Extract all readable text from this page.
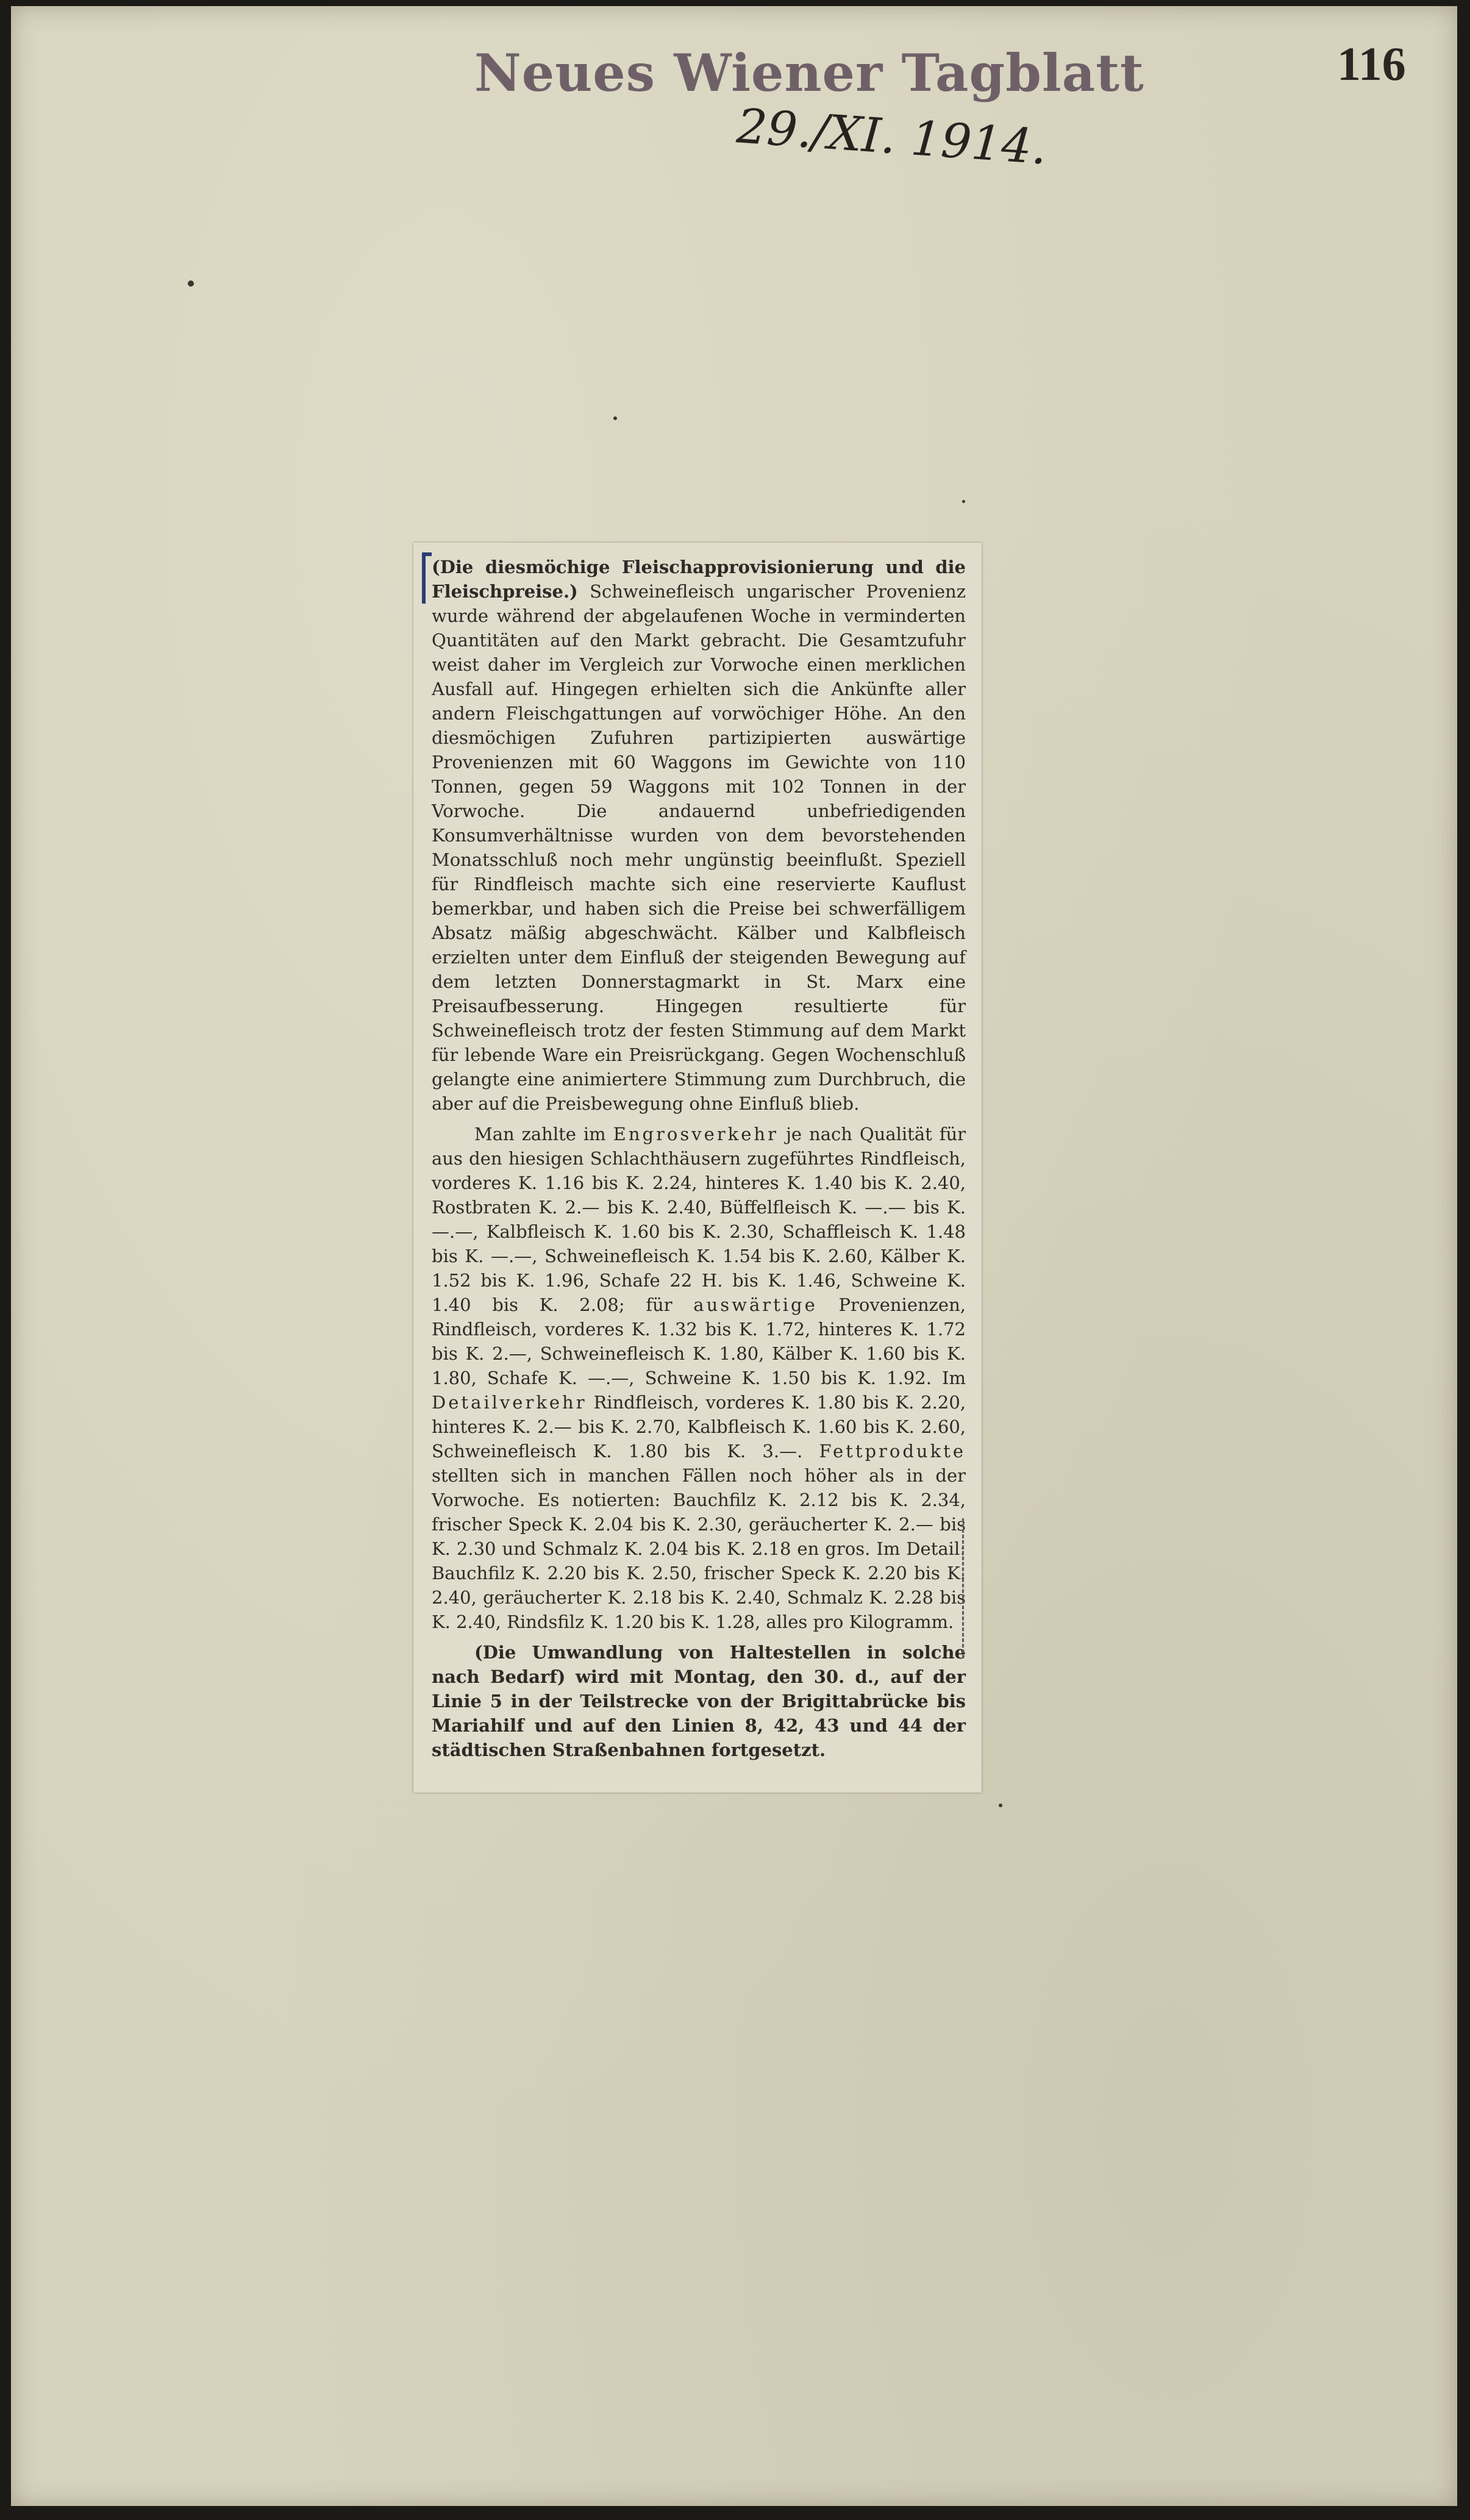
Neues Wiener Tagblatt	116
29./XI. 1914.

(Die diesmöchige Fleischapprovisionierung und die Fleischpreise.) Schweinefleisch ungarischer Provenienz wurde während der abgelaufenen Woche in verminderten Quantitäten auf den Markt gebracht. Die Gesamtzufuhr weist daher im Vergleich zur Vorwoche einen merklichen Ausfall auf. Hingegen erhielten sich die Ankünfte aller andern Fleischgattungen auf vorwöchiger Höhe. An den diesmöchigen Zufuhren partizipierten auswärtige Provenienzen mit 60 Waggons im Gewichte von 110 Tonnen, gegen 59 Waggons mit 102 Tonnen in der Vorwoche. Die andauernd unbefriedigenden Konsumverhältnisse wurden von dem bevorstehenden Monatsschluß noch mehr ungünstig beeinflußt. Speziell für Rindfleisch machte sich eine reservierte Kauflust bemerkbar, und haben sich die Preise bei schwerfälligem Absatz mäßig abgeschwächt. Kälber und Kalbfleisch erzielten unter dem Einfluß der steigenden Bewegung auf dem letzten Donnerstagmarkt in St. Marx eine Preisaufbesserung. Hingegen resultierte für Schweinefleisch trotz der festen Stimmung auf dem Markt für lebende Ware ein Preisrückgang. Gegen Wochenschluß gelangte eine animiertere Stimmung zum Durchbruch, die aber auf die Preisbewegung ohne Einfluß blieb.

Man zahlte im Engrosverkehr je nach Qualität für aus den hiesigen Schlachthäusern zugeführtes Rindfleisch, vorderes K. 1.16 bis K. 2.24, hinteres K. 1.40 bis K. 2.40, Rostbraten K. 2.— bis K. 2.40, Büffelfleisch K. —.— bis K. —.—, Kalbfleisch K. 1.60 bis K. 2.30, Schaffleisch K. 1.48 bis K. —.—, Schweinefleisch K. 1.54 bis K. 2.60, Kälber K. 1.52 bis K. 1.96, Schafe 22 H. bis K. 1.46, Schweine K. 1.40 bis K. 2.08; für auswärtige Provenienzen, Rindfleisch, vorderes K. 1.32 bis K. 1.72, hinteres K. 1.72 bis K. 2.—, Schweinefleisch K. 1.80, Kälber K. 1.60 bis K. 1.80, Schafe K. —.—, Schweine K. 1.50 bis K. 1.92. Im Detailverkehr Rindfleisch, vorderes K. 1.80 bis K. 2.20, hinteres K. 2.— bis K. 2.70, Kalbfleisch K. 1.60 bis K. 2.60, Schweinefleisch K. 1.80 bis K. 3.—. Fettprodukte stellten sich in manchen Fällen noch höher als in der Vorwoche. Es notierten: Bauchfilz K. 2.12 bis K. 2.34, frischer Speck K. 2.04 bis K. 2.30, geräucherter K. 2.— bis K. 2.30 und Schmalz K. 2.04 bis K. 2.18 en gros. Im Detail: Bauchfilz K. 2.20 bis K. 2.50, frischer Speck K. 2.20 bis K. 2.40, geräucherter K. 2.18 bis K. 2.40, Schmalz K. 2.28 bis K. 2.40, Rindsfilz K. 1.20 bis K. 1.28, alles pro Kilogramm.

(Die Umwandlung von Haltestellen in solche nach Bedarf) wird mit Montag, den 30. d., auf der Linie 5 in der Teilstrecke von der Brigittabrücke bis Mariahilf und auf den Linien 8, 42, 43 und 44 der städtischen Straßenbahnen fortgesetzt.
